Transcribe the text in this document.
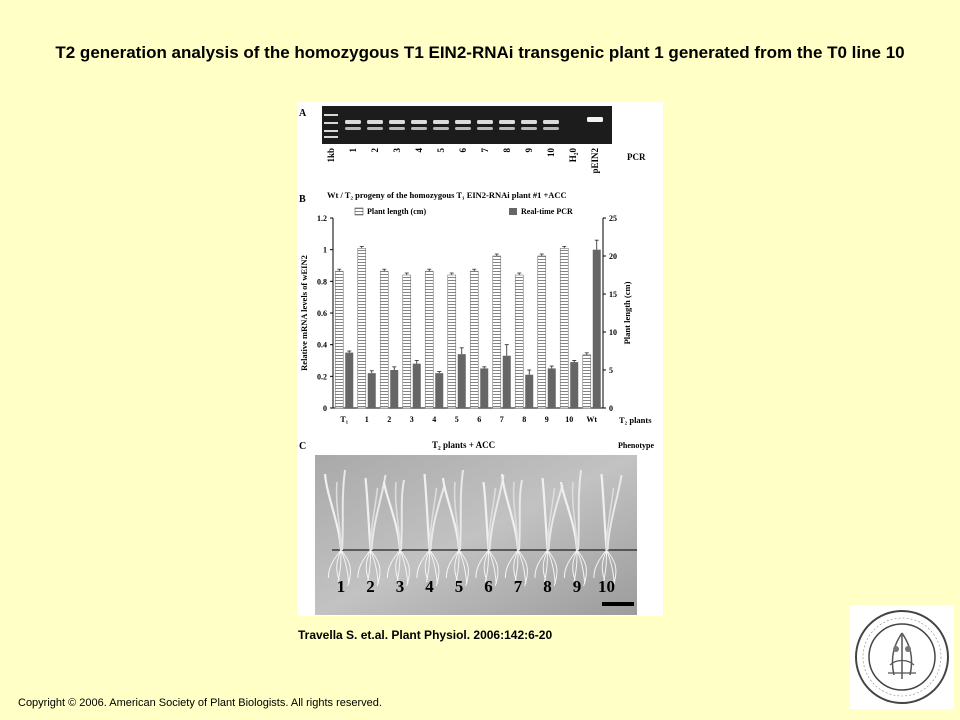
T2 generation analysis of the homozygous T1 EIN2-RNAi transgenic plant 1 generated from the T0 line 10
A
1kb 1 2 3 4 5 6 7 8 9 10 H₂0 pEIN2	PCR
B	Wt / T₂ progeny of the homozygous T₁ EIN2-RNAi plant #1 +ACC
0
0.2
0.4
0.6
0.8
1
1.2
0
5
10
15
20
25
Relative mRNA levels of wEIN2	Plant length (cm)
T₂ plants
Plant length (cm)	Real-time PCR
T₁ 1 2 3 4 5 6 7 8 9 10 Wt
C	T₂ plants + ACC	Phenotype
1 2 3 4 5 6 7 8 9 10
Travella S. et.al. Plant Physiol. 2006:142:6-20
Copyright © 2006. American Society of Plant Biologists. All rights reserved.
